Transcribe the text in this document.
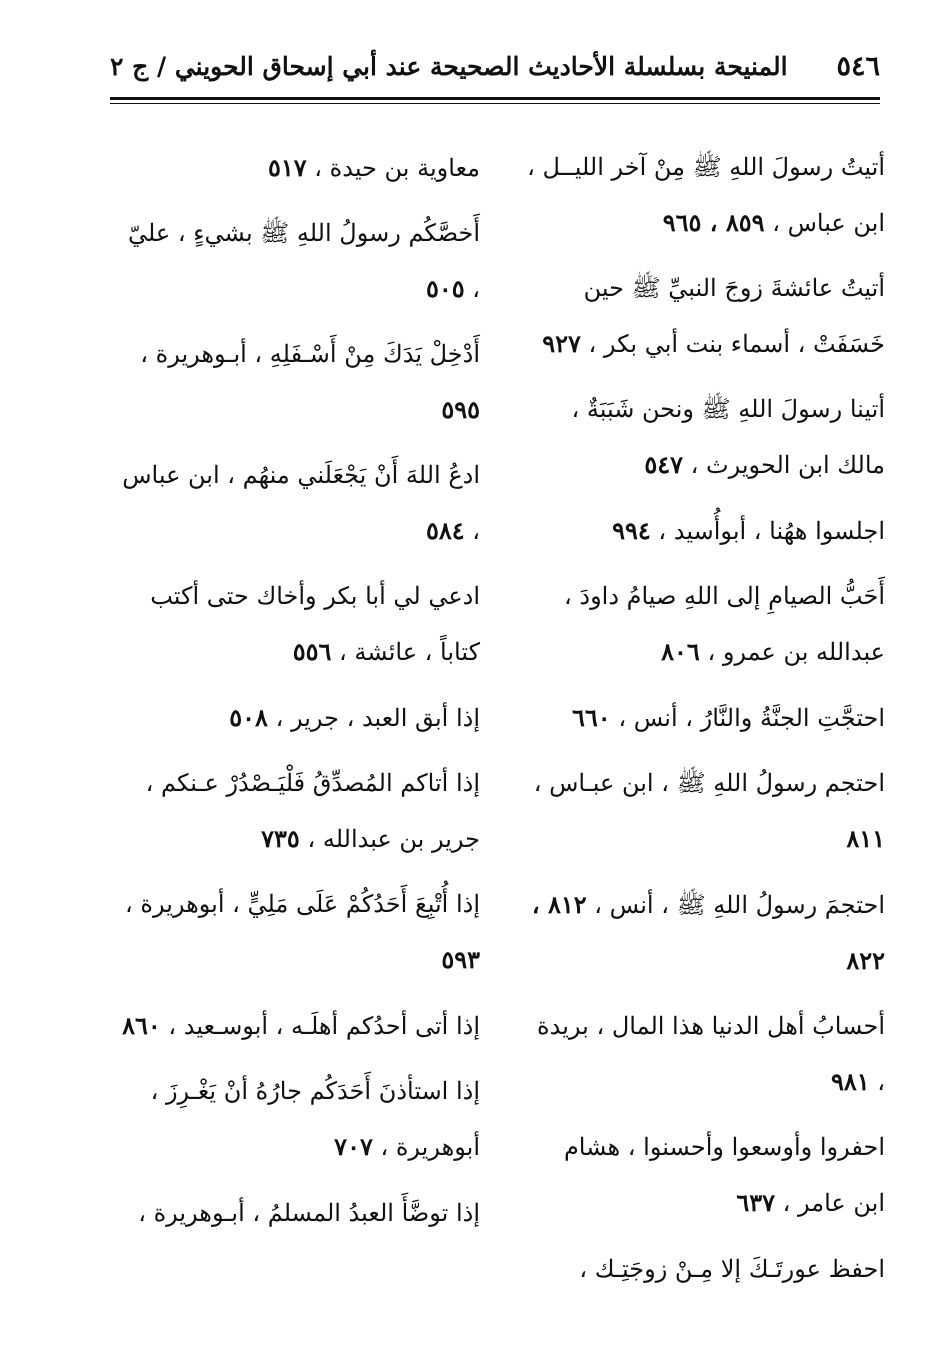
٥٤٦
المنيحة بسلسلة الأحاديث الصحيحة عند أبي إسحاق الحويني / ج ٢
أتيتُ رسولَ اللهِ ﷺ مِنْ آخر الليــل ، ابن عباس ، ٨٥٩ ، ٩٦٥
أتيتُ عائشةَ زوجَ النبيِّ ﷺ حين خَسَفَتْ ، أسماء بنت أبي بكر ، ٩٢٧
أتينا رسولَ اللهِ ﷺ ونحن شَبَبَةٌ ، مالك ابن الحويرث ، ٥٤٧
اجلسوا ههُنا ، أبوأُسيد ، ٩٩٤
أَحَبُّ الصيامِ إلى اللهِ صيامُ داودَ ، عبدالله بن عمرو ، ٨٠٦
احتجَّتِ الجنَّةُ والنَّارُ ، أنس ، ٦٦٠
احتجم رسولُ اللهِ ﷺ ، ابن عبـاس ، ٨١١
احتجمَ رسولُ اللهِ ﷺ ، أنس ، ٨١٢ ، ٨٢٢
أحسابُ أهل الدنيا هذا المال ، بريدة ، ٩٨١
احفروا وأوسعوا وأحسنوا ، هشام ابن عامر ، ٦٣٧
احفظ عورتَـكَ إلا مِـنْ زوجَتِـك ،
معاوية بن حيدة ، ٥١٧
أَخصَّكُم رسولُ اللهِ ﷺ بشيءٍ ، عليّ ، ٥٠٥
أَدْخِلْ يَدَكَ مِنْ أَسْـفَلِهِ ، أبـوهريرة ، ٥٩٥
ادعُ اللهَ أَنْ يَجْعَلَني منهُم ، ابن عباس ، ٥٨٤
ادعي لي أبا بكر وأخاك حتى أكتب كتاباً ، عائشة ، ٥٥٦
إذا أبق العبد ، جرير ، ٥٠٨
إذا أتاكم المُصدِّقُ فَلْيَـصْدُرْ عـنكم ، جرير بن عبدالله ، ٧٣٥
إذا أُتْبِعَ أَحَدُكُمْ عَلَى مَلِيٍّ ، أبوهريرة ، ٥٩٣
إذا أتى أحدُكم أهلَـه ، أبوسـعيد ، ٨٦٠
إذا استأذنَ أَحَدَكُم جارُهُ أنْ يَغْـرِزَ ، أبوهريرة ، ٧٠٧
إذا توضَّأَ العبدُ المسلمُ ، أبـوهريرة ،
